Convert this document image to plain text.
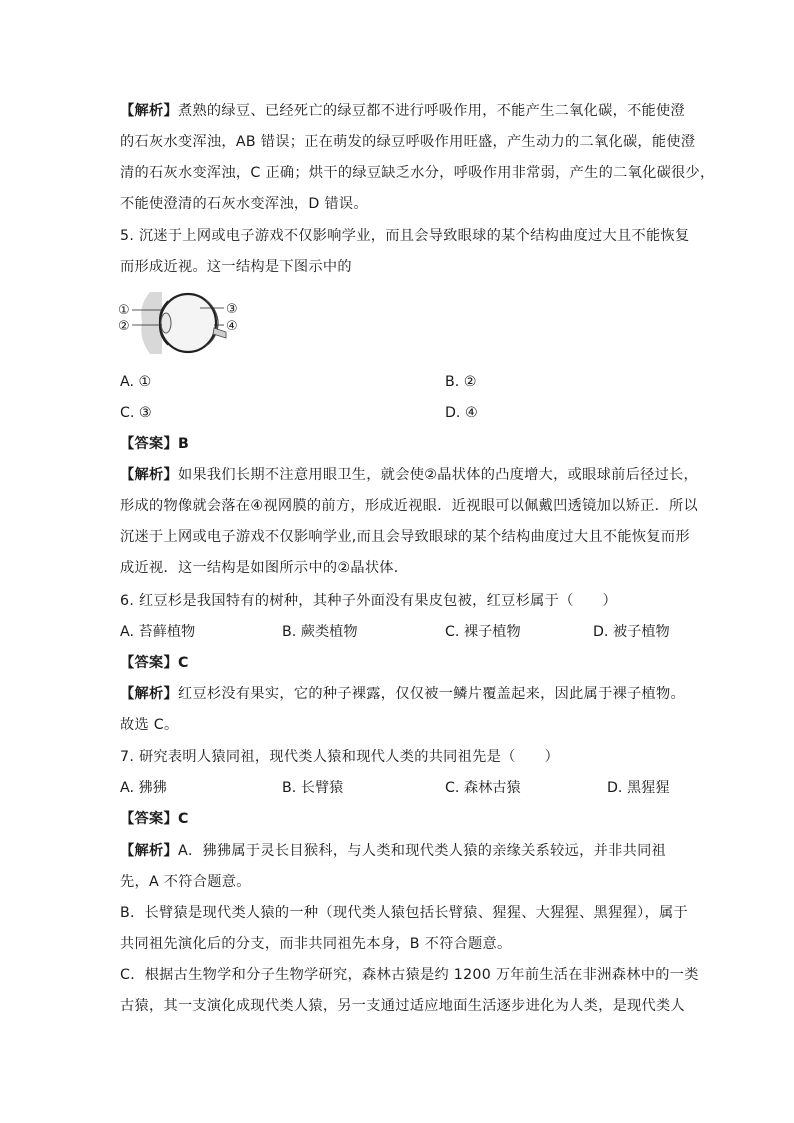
【解析】煮熟的绿豆、已经死亡的绿豆都不进行呼吸作用，不能产生二氧化碳，不能使澄
的石灰水变浑浊，AB 错误；正在萌发的绿豆呼吸作用旺盛，产生动力的二氧化碳，能使澄
清的石灰水变浑浊，C 正确；烘干的绿豆缺乏水分，呼吸作用非常弱，产生的二氧化碳很少，
不能使澄清的石灰水变浑浊，D 错误。
5. 沉迷于上网或电子游戏不仅影响学业，而且会导致眼球的某个结构曲度过大且不能恢复
而形成近视。这一结构是下图示中的
①
②
③
④
A. ①	B. ②
C. ③	D. ④
【答案】B
【解析】如果我们长期不注意用眼卫生，就会使②晶状体的凸度增大，或眼球前后径过长，
形成的物像就会落在④视网膜的前方，形成近视眼．近视眼可以佩戴凹透镜加以矫正．所以
沉迷于上网或电子游戏不仅影响学业,而且会导致眼球的某个结构曲度过大且不能恢复而形
成近视．这一结构是如图所示中的②晶状体．
6. 红豆杉是我国特有的树种，其种子外面没有果皮包被，红豆杉属于（　　）
A. 苔藓植物	B. 蕨类植物	C. 裸子植物	D. 被子植物
【答案】C
【解析】红豆杉没有果实，它的种子裸露，仅仅被一鳞片覆盖起来，因此属于裸子植物。
故选 C。
7. 研究表明人猿同祖，现代类人猿和现代人类的共同祖先是（　　）
A. 狒狒	B. 长臂猿	C. 森林古猿	D. 黑猩猩
【答案】C
【解析】A．狒狒属于灵长目猴科，与人类和现代类人猿的亲缘关系较远，并非共同祖
先，A 不符合题意。
B．长臂猿是现代类人猿的一种（现代类人猿包括长臂猿、猩猩、大猩猩、黑猩猩），属于
共同祖先演化后的分支，而非共同祖先本身，B 不符合题意。
C．根据古生物学和分子生物学研究，森林古猿是约 1200 万年前生活在非洲森林中的一类
古猿，其一支演化成现代类人猿，另一支通过适应地面生活逐步进化为人类，是现代类人
